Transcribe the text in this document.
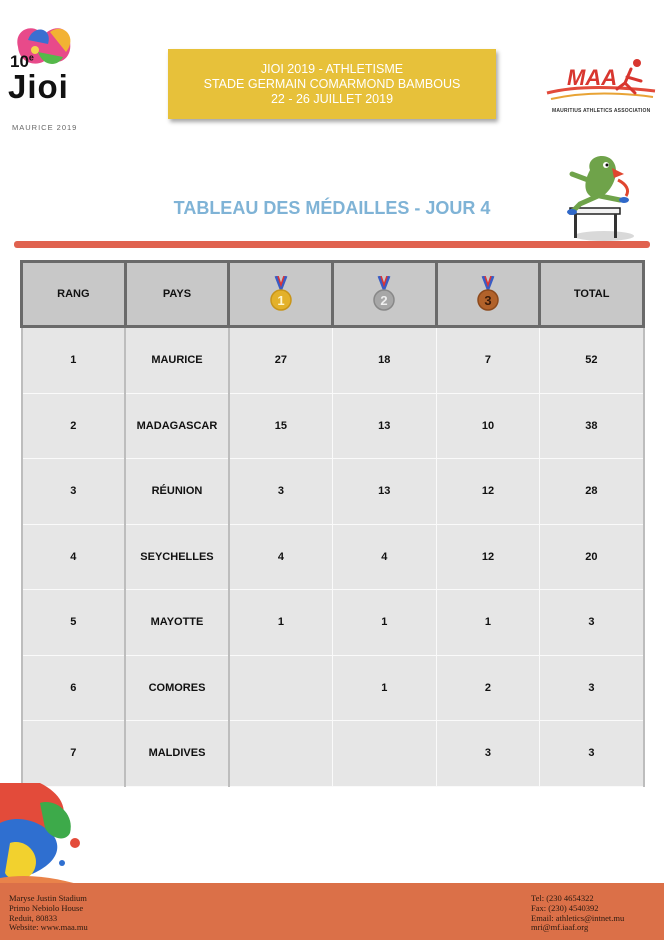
10e
Jioi
MAURICE 2019
JIOI 2019 - ATHLETISME
STADE GERMAIN COMARMOND BAMBOUS
22 - 26 JUILLET 2019
MAA
MAURITIUS ATHLETICS ASSOCIATION
TABLEAU DES MÉDAILLES - JOUR 4
RANG	PAYS	1	2	3	TOTAL
1	MAURICE	27	18	7	52
2	MADAGASCAR	15	13	10	38
3	RÉUNION	3	13	12	28
4	SEYCHELLES	4	4	12	20
5	MAYOTTE	1	1	1	3
6	COMORES		1	2	3
7	MALDIVES			3	3
Maryse Justin Stadium
Primo Nebiolo House
Reduit, 80833
Website: www.maa.mu
Tel: (230 4654322
Fax: (230) 4540392
Email: athletics@intnet.mu
mri@mf.iaaf.org
